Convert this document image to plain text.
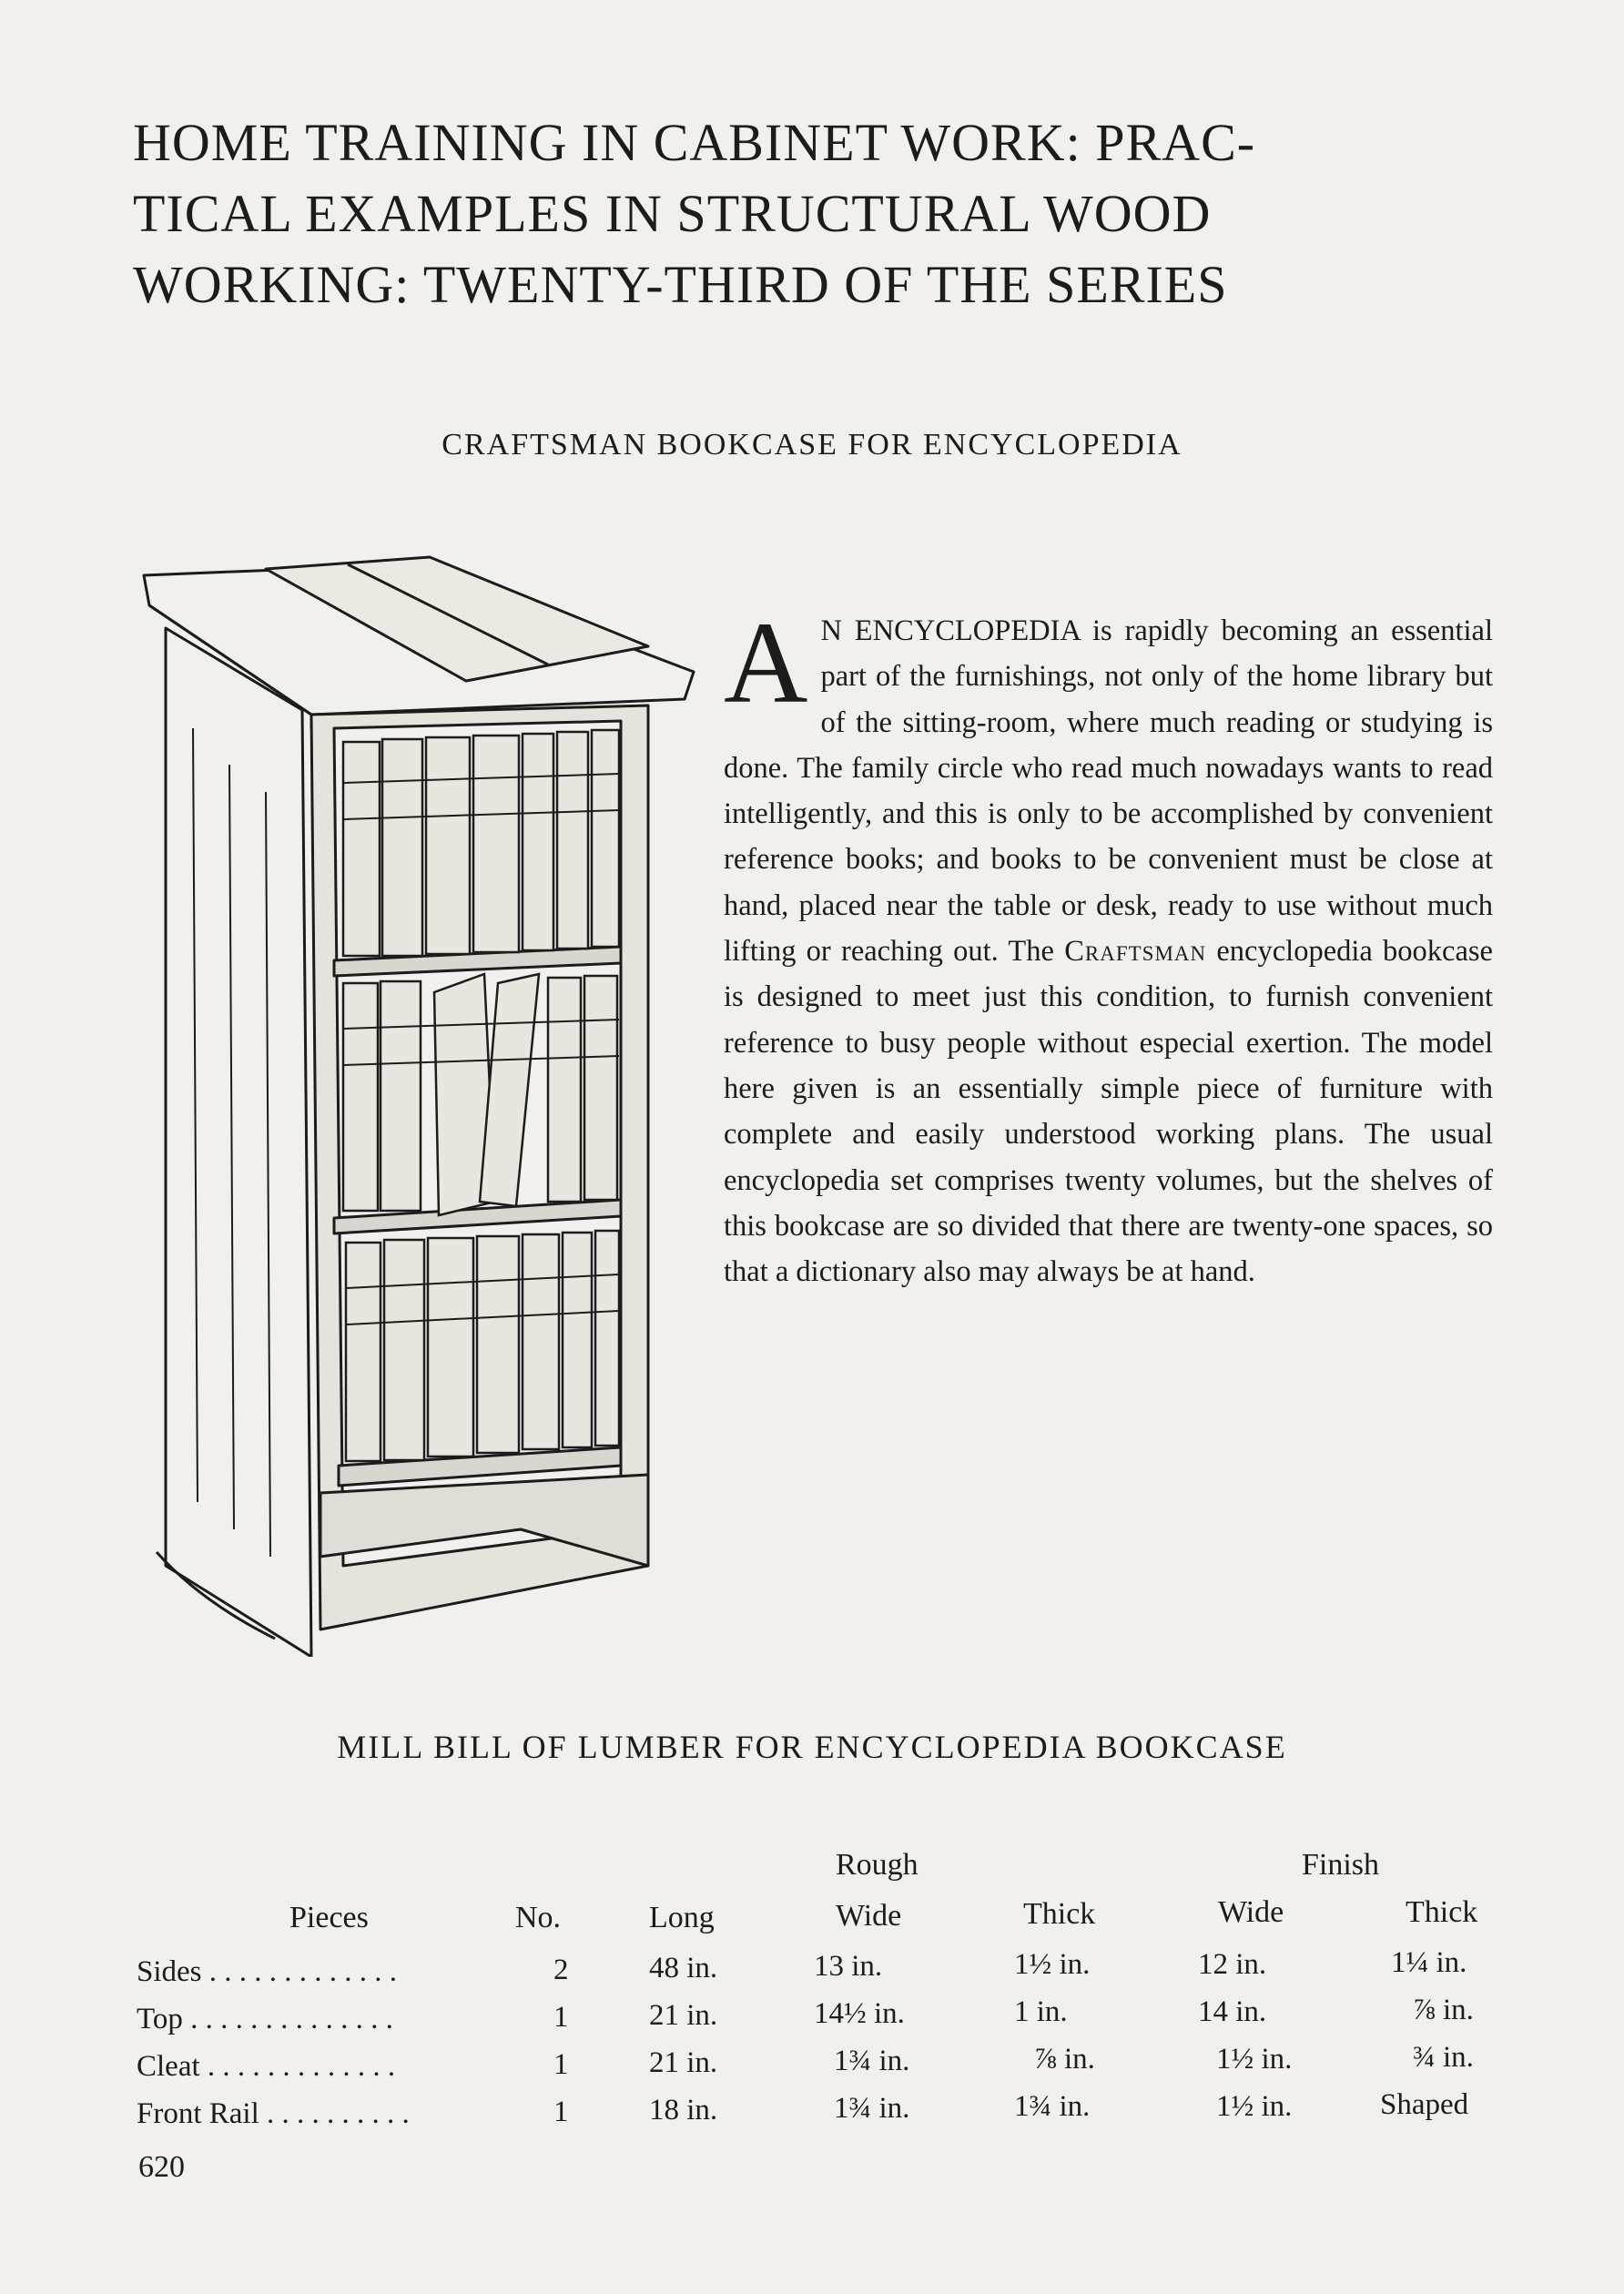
HOME TRAINING IN CABINET WORK: PRAC-
TICAL EXAMPLES IN STRUCTURAL WOOD
WORKING: TWENTY-THIRD OF THE SERIES
CRAFTSMAN BOOKCASE FOR ENCYCLOPEDIA
A N ENCYCLOPEDIA is rapidly becoming an essential part of the furnishings, not only of the home library but of the sitting-room, where much reading or studying is done. The family circle who read much nowadays wants to read intelligently, and this is only to be accomplished by convenient reference books; and books to be convenient must be close at hand, placed near the table or desk, ready to use without much lifting or reaching out. The Craftsman encyclopedia bookcase is designed to meet just this condition, to furnish convenient reference to busy people without especial exertion. The model here given is an essentially simple piece of furniture with complete and easily understood working plans. The usual encyclopedia set comprises twenty volumes, but the shelves of this bookcase are so divided that there are twenty-one spaces, so that a dictionary also may always be at hand.
MILL BILL OF LUMBER FOR ENCYCLOPEDIA BOOKCASE
Rough	Finish
Pieces	No.	Long	Wide	Thick	Wide	Thick
Sides . . . . . . . . . . . . .	2	48 in.	13 in.	1½ in.	12 in.	1¼ in.
Top . . . . . . . . . . . . . .	1	21 in.	14½ in.	1 in.	14 in.	⅞ in.
Cleat . . . . . . . . . . . . .	1	21 in.	1¾ in.	⅞ in.	1½ in.	¾ in.
Front Rail . . . . . . . . . .	1	18 in.	1¾ in.	1¾ in.	1½ in.	Shaped
620
